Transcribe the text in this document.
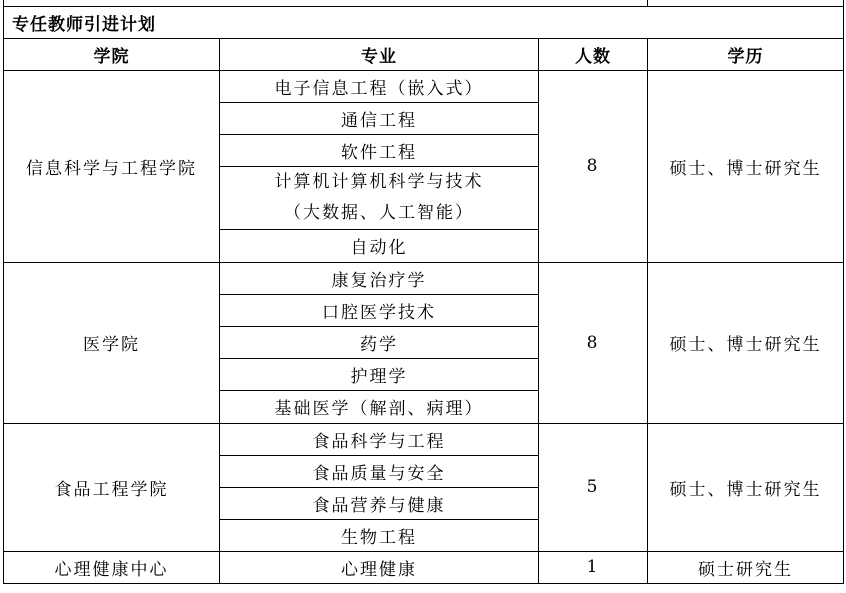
专任教师引进计划			
学院	专业	人数	学历
信息科学与工程学院	电子信息工程（嵌入式）	8	硕士、博士研究生
	通信工程		
	软件工程		
	计算机计算机科学与技术
（大数据、人工智能）		
	自动化		
医学院	康复治疗学	8	硕士、博士研究生
	口腔医学技术		
	药学		
	护理学		
	基础医学（解剖、病理）		
食品工程学院	食品科学与工程	5	硕士、博士研究生
	食品质量与安全		
	食品营养与健康		
	生物工程		
心理健康中心	心理健康	1	硕士研究生
